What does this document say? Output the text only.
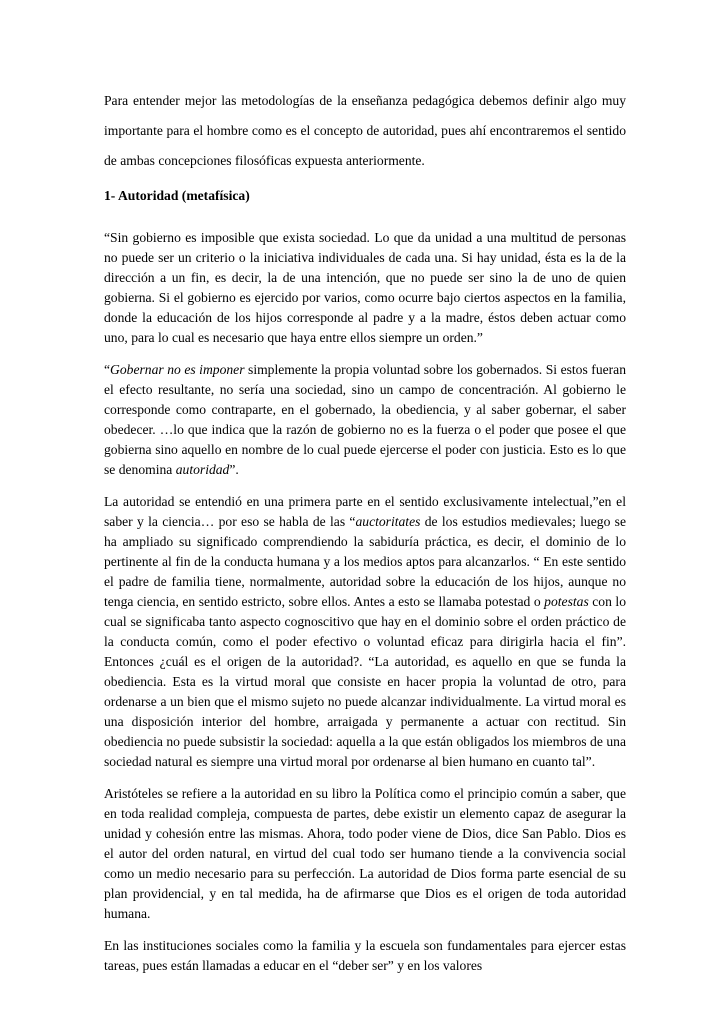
Para entender mejor las metodologías de la enseñanza pedagógica debemos definir algo muy importante para el hombre como es el concepto de autoridad, pues ahí encontraremos el sentido de ambas concepciones filosóficas expuesta anteriormente.

1- Autoridad (metafísica)

“Sin gobierno es imposible que exista sociedad. Lo que da unidad a una multitud de personas no puede ser un criterio o la iniciativa individuales de cada una. Si hay unidad, ésta es la de la dirección a un fin, es decir, la de una intención, que no puede ser sino la de uno de quien gobierna. Si el gobierno es ejercido por varios, como ocurre bajo ciertos aspectos en la familia, donde la educación de los hijos corresponde al padre y a la madre, éstos deben actuar como uno, para lo cual es necesario que haya entre ellos siempre un orden.”

“Gobernar no es imponer simplemente la propia voluntad sobre los gobernados. Si estos fueran el efecto resultante, no sería una sociedad, sino un campo de concentración. Al gobierno le corresponde como contraparte, en el gobernado, la obediencia, y al saber gobernar, el saber obedecer. …lo que indica que la razón de gobierno no es la fuerza o el poder que posee el que gobierna sino aquello en nombre de lo cual puede ejercerse el poder con justicia. Esto es lo que se denomina autoridad”.

La autoridad se entendió en una primera parte en el sentido exclusivamente intelectual,”en el saber y la ciencia… por eso se habla de las “auctoritates de los estudios medievales; luego se ha ampliado su significado comprendiendo la sabiduría práctica, es decir, el dominio de lo pertinente al fin de la conducta humana y a los medios aptos para alcanzarlos. “ En este sentido el padre de familia tiene, normalmente, autoridad sobre la educación de los hijos, aunque no tenga ciencia, en sentido estricto, sobre ellos. Antes a esto se llamaba potestad o potestas con lo cual se significaba tanto aspecto cognoscitivo que hay en el dominio sobre el orden práctico de la conducta común, como el poder efectivo o voluntad eficaz para dirigirla hacia el fin”. Entonces ¿cuál es el origen de la autoridad?. “La autoridad, es aquello en que se funda la obediencia. Esta es la virtud moral que consiste en hacer propia la voluntad de otro, para ordenarse a un bien que el mismo sujeto no puede alcanzar individualmente. La virtud moral es una disposición interior del hombre, arraigada y permanente a actuar con rectitud. Sin obediencia no puede subsistir la sociedad: aquella a la que están obligados los miembros de una sociedad natural es siempre una virtud moral por ordenarse al bien humano en cuanto tal”.

Aristóteles se refiere a la autoridad en su libro la Política como el principio común a saber, que en toda realidad compleja, compuesta de partes, debe existir un elemento capaz de asegurar la unidad y cohesión entre las mismas. Ahora, todo poder viene de Dios, dice San Pablo. Dios es el autor del orden natural, en virtud del cual todo ser humano tiende a la convivencia social como un medio necesario para su perfección. La autoridad de Dios forma parte esencial de su plan providencial, y en tal medida, ha de afirmarse que Dios es el origen de toda autoridad humana.

En las instituciones sociales como la familia y la escuela son fundamentales para ejercer estas tareas, pues están llamadas a educar en el “deber ser” y en los valores
